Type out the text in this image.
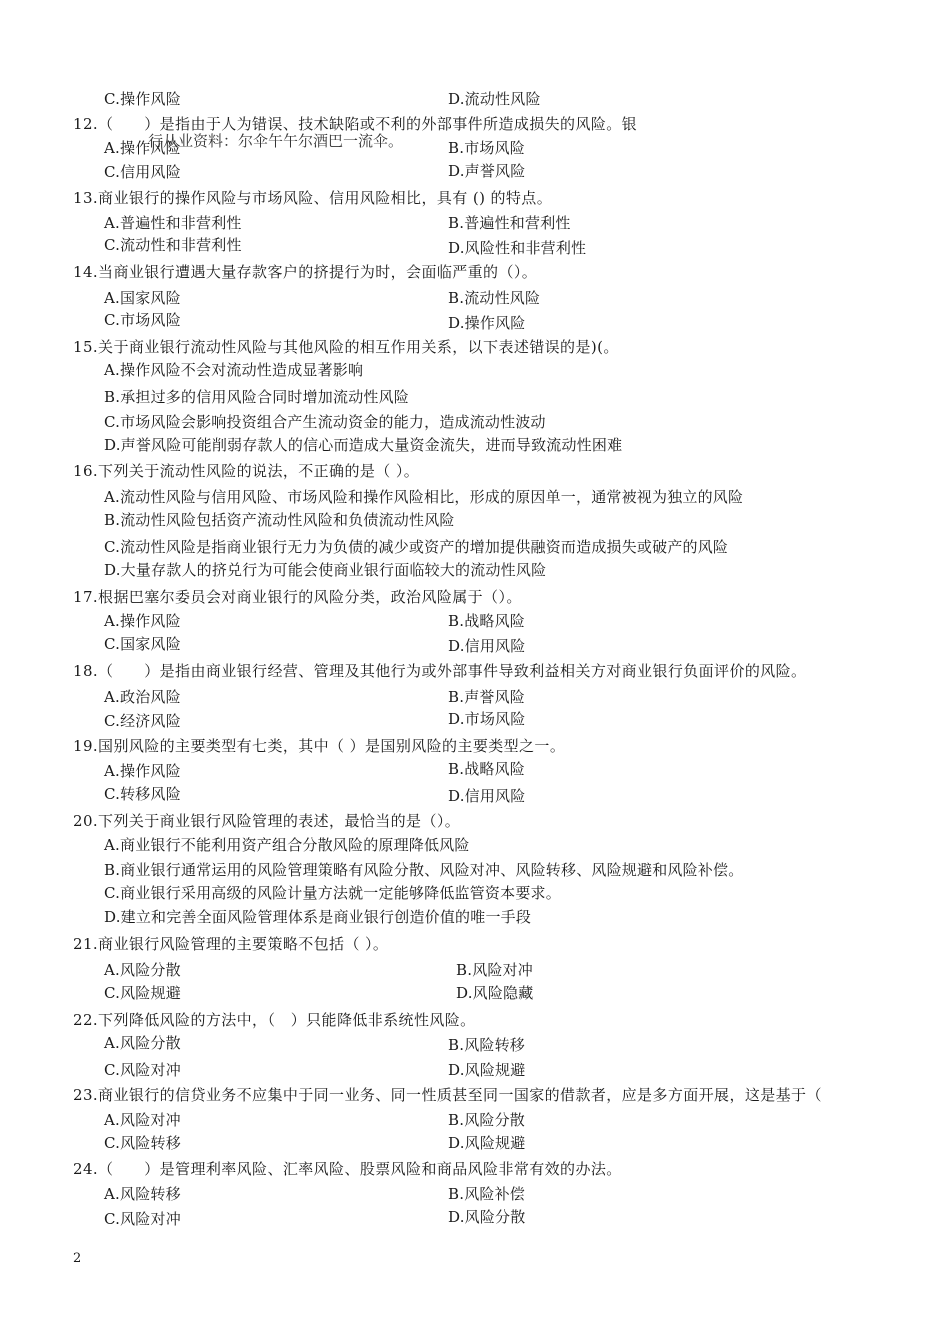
C.操作风险	D.流动性风险
12.（　　）是指由于人为错误、技术缺陷或不利的外部事件所造成损失的风险。银
行从业资料：尔伞午午尔酒巴一流伞。
A.操作风险	B.市场风险
C.信用风险	D.声誉风险
13.商业银行的操作风险与市场风险、信用风险相比，具有 () 的特点。
A.普遍性和非营利性	B.普遍性和营利性
C.流动性和非营利性	D.风险性和非营利性
14.当商业银行遭遇大量存款客户的挤提行为时，会面临严重的（）。
A.国家风险	B.流动性风险
C.市场风险	D.操作风险
15.关于商业银行流动性风险与其他风险的相互作用关系，以下表述错误的是)(。
A.操作风险不会对流动性造成显著影响
B.承担过多的信用风险合同时增加流动性风险
C.市场风险会影响投资组合产生流动资金的能力，造成流动性波动
D.声誉风险可能削弱存款人的信心而造成大量资金流失，进而导致流动性困难
16.下列关于流动性风险的说法，不正确的是（ ）。
A.流动性风险与信用风险、市场风险和操作风险相比，形成的原因单一，通常被视为独立的风险
B.流动性风险包括资产流动性风险和负债流动性风险
C.流动性风险是指商业银行无力为负债的减少或资产的增加提供融资而造成损失或破产的风险
D.大量存款人的挤兑行为可能会使商业银行面临较大的流动性风险
17.根据巴塞尔委员会对商业银行的风险分类，政治风险属于（）。
A.操作风险	B.战略风险
C.国家风险	D.信用风险
18.（　　）是指由商业银行经营、管理及其他行为或外部事件导致利益相关方对商业银行负面评价的风险。
A.政治风险	B.声誉风险
C.经济风险	D.市场风险
19.国别风险的主要类型有七类，其中（ ）是国别风险的主要类型之一。
A.操作风险	B.战略风险
C.转移风险	D.信用风险
20.下列关于商业银行风险管理的表述，最恰当的是（）。
A.商业银行不能利用资产组合分散风险的原理降低风险
B.商业银行通常运用的风险管理策略有风险分散、风险对冲、风险转移、风险规避和风险补偿。
C.商业银行采用高级的风险计量方法就一定能够降低监管资本要求。
D.建立和完善全面风险管理体系是商业银行创造价值的唯一手段
21.商业银行风险管理的主要策略不包括（ ）。
A.风险分散	B.风险对冲
C.风险规避	D.风险隐藏
22.下列降低风险的方法中，（　）只能降低非系统性风险。
A.风险分散	B.风险转移
C.风险对冲	D.风险规避
23.商业银行的信贷业务不应集中于同一业务、同一性质甚至同一国家的借款者，应是多方面开展，这是基于（
A.风险对冲	B.风险分散
C.风险转移	D.风险规避
24.（　　）是管理利率风险、汇率风险、股票风险和商品风险非常有效的办法。
A.风险转移	B.风险补偿
C.风险对冲	D.风险分散
2
